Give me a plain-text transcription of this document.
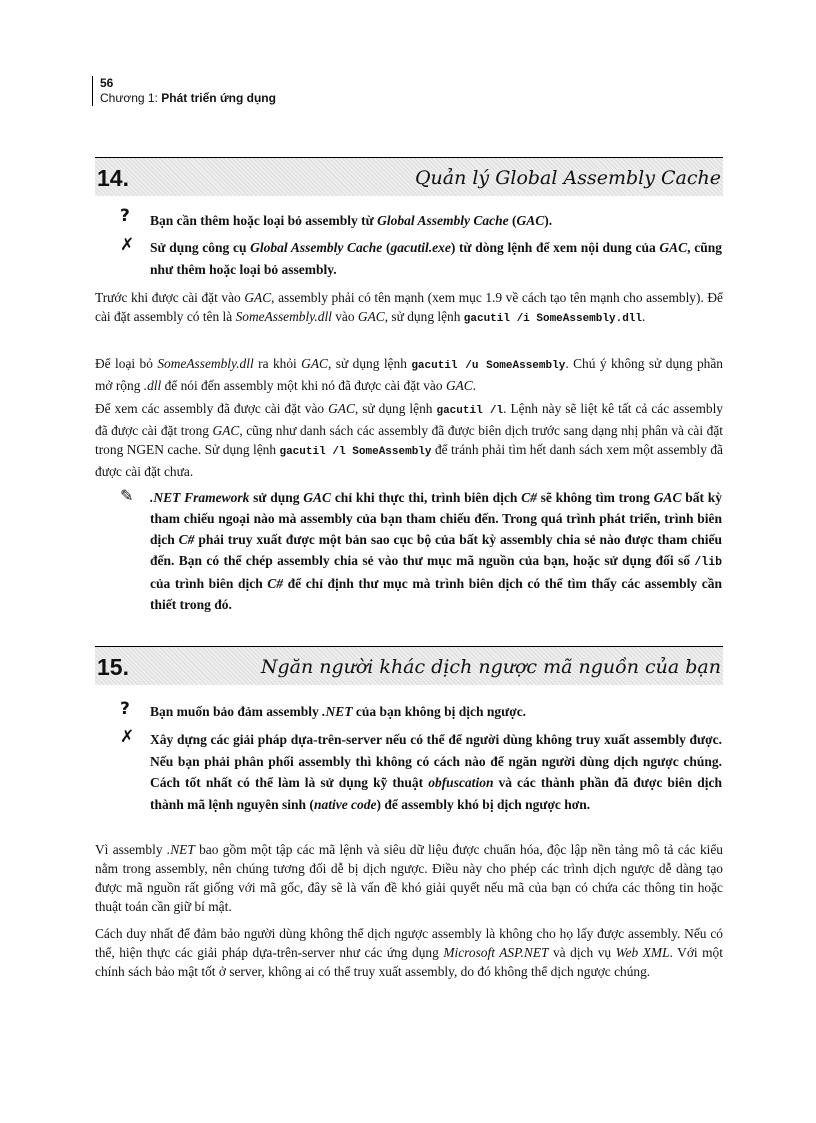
56
Chương 1: Phát triển ứng dụng
14.	Quản lý Global Assembly Cache
? Bạn cần thêm hoặc loại bỏ assembly từ Global Assembly Cache (GAC).
✗ Sử dụng công cụ Global Assembly Cache (gacutil.exe) từ dòng lệnh để xem nội dung của GAC, cũng như thêm hoặc loại bỏ assembly.
Trước khi được cài đặt vào GAC, assembly phải có tên mạnh (xem mục 1.9 về cách tạo tên mạnh cho assembly). Để cài đặt assembly có tên là SomeAssembly.dll vào GAC, sử dụng lệnh gacutil /i SomeAssembly.dll.
Để loại bỏ SomeAssembly.dll ra khỏi GAC, sử dụng lệnh gacutil /u SomeAssembly. Chú ý không sử dụng phần mở rộng .dll để nói đến assembly một khi nó đã được cài đặt vào GAC.
Để xem các assembly đã được cài đặt vào GAC, sử dụng lệnh gacutil /l. Lệnh này sẽ liệt kê tất cả các assembly đã được cài đặt trong GAC, cũng như danh sách các assembly đã được biên dịch trước sang dạng nhị phân và cài đặt trong NGEN cache. Sử dụng lệnh gacutil /l SomeAssembly để tránh phải tìm hết danh sách xem một assembly đã được cài đặt chưa.
✎ .NET Framework sử dụng GAC chỉ khi thực thi, trình biên dịch C# sẽ không tìm trong GAC bất kỳ tham chiếu ngoại nào mà assembly của bạn tham chiếu đến. Trong quá trình phát triển, trình biên dịch C# phải truy xuất được một bản sao cục bộ của bất kỳ assembly chia sẻ nào được tham chiếu đến. Bạn có thể chép assembly chia sẻ vào thư mục mã nguồn của bạn, hoặc sử dụng đối số /lib của trình biên dịch C# để chỉ định thư mục mà trình biên dịch có thể tìm thấy các assembly cần thiết trong đó.
15.	Ngăn người khác dịch ngược mã nguồn của bạn
? Bạn muốn bảo đảm assembly .NET của bạn không bị dịch ngược.
✗ Xây dựng các giải pháp dựa-trên-server nếu có thể để người dùng không truy xuất assembly được. Nếu bạn phải phân phối assembly thì không có cách nào để ngăn người dùng dịch ngược chúng. Cách tốt nhất có thể làm là sử dụng kỹ thuật obfuscation và các thành phần đã được biên dịch thành mã lệnh nguyên sinh (native code) để assembly khó bị dịch ngược hơn.
Vì assembly .NET bao gồm một tập các mã lệnh và siêu dữ liệu được chuẩn hóa, độc lập nền tảng mô tả các kiểu nằm trong assembly, nên chúng tương đối dễ bị dịch ngược. Điều này cho phép các trình dịch ngược dễ dàng tạo được mã nguồn rất giống với mã gốc, đây sẽ là vấn đề khó giải quyết nếu mã của bạn có chứa các thông tin hoặc thuật toán cần giữ bí mật.
Cách duy nhất để đảm bảo người dùng không thể dịch ngược assembly là không cho họ lấy được assembly. Nếu có thể, hiện thực các giải pháp dựa-trên-server như các ứng dụng Microsoft ASP.NET và dịch vụ Web XML. Với một chính sách bảo mật tốt ở server, không ai có thể truy xuất assembly, do đó không thể dịch ngược chúng.
